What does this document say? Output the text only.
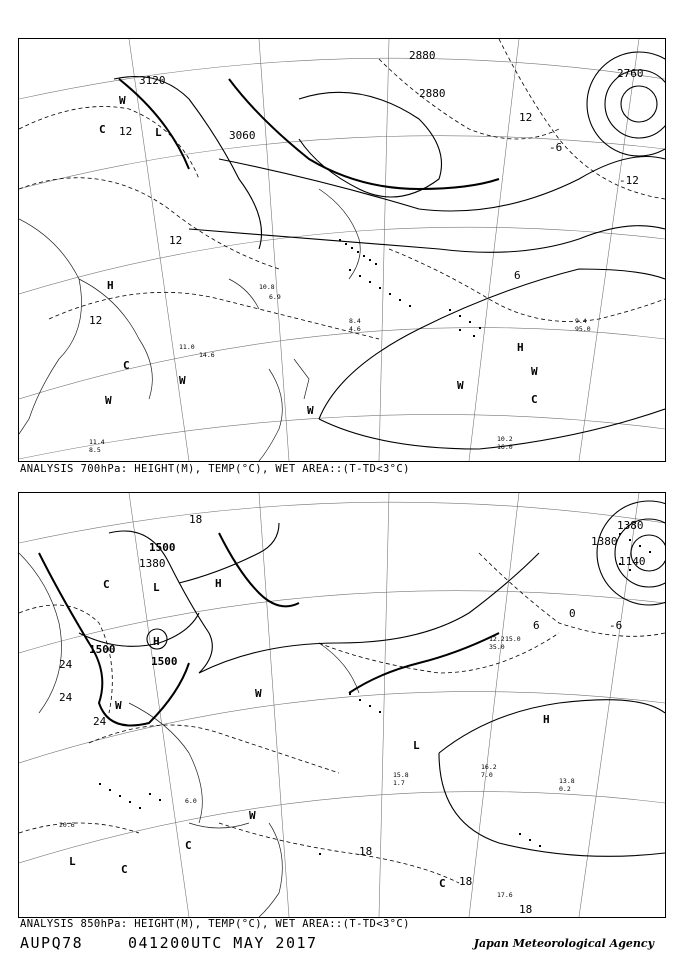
3120
2880
2880
2760
3060
12
12
12
-12
-6
6
12
W
W
W
W
W
W
C
C
C
H
H
L
10.2
16.0
9.4
95.0
11.0
14.6
10.8
6.9
8.4
4.6
11.4
8.5
ANALYSIS 700hPa: HEIGHT(M), TEMP(°C), WET AREA::(T-TD<3°C)
1500
1380
1500
1500
1380
1140
1380
18
24
24
24
18
18
18
0
6	-6
L
L
L
H
H
H
C
C
C
C
W
W
W
13.8
0.2
16.2
7.0
15.8
1.7
17.6
6.0
12.2 15.0
35.0
20.6
ANALYSIS 850hPa: HEIGHT(M), TEMP(°C), WET AREA::(T-TD<3°C)
AUPQ78	041200UTC MAY 2017	Japan Meteorological Agency
